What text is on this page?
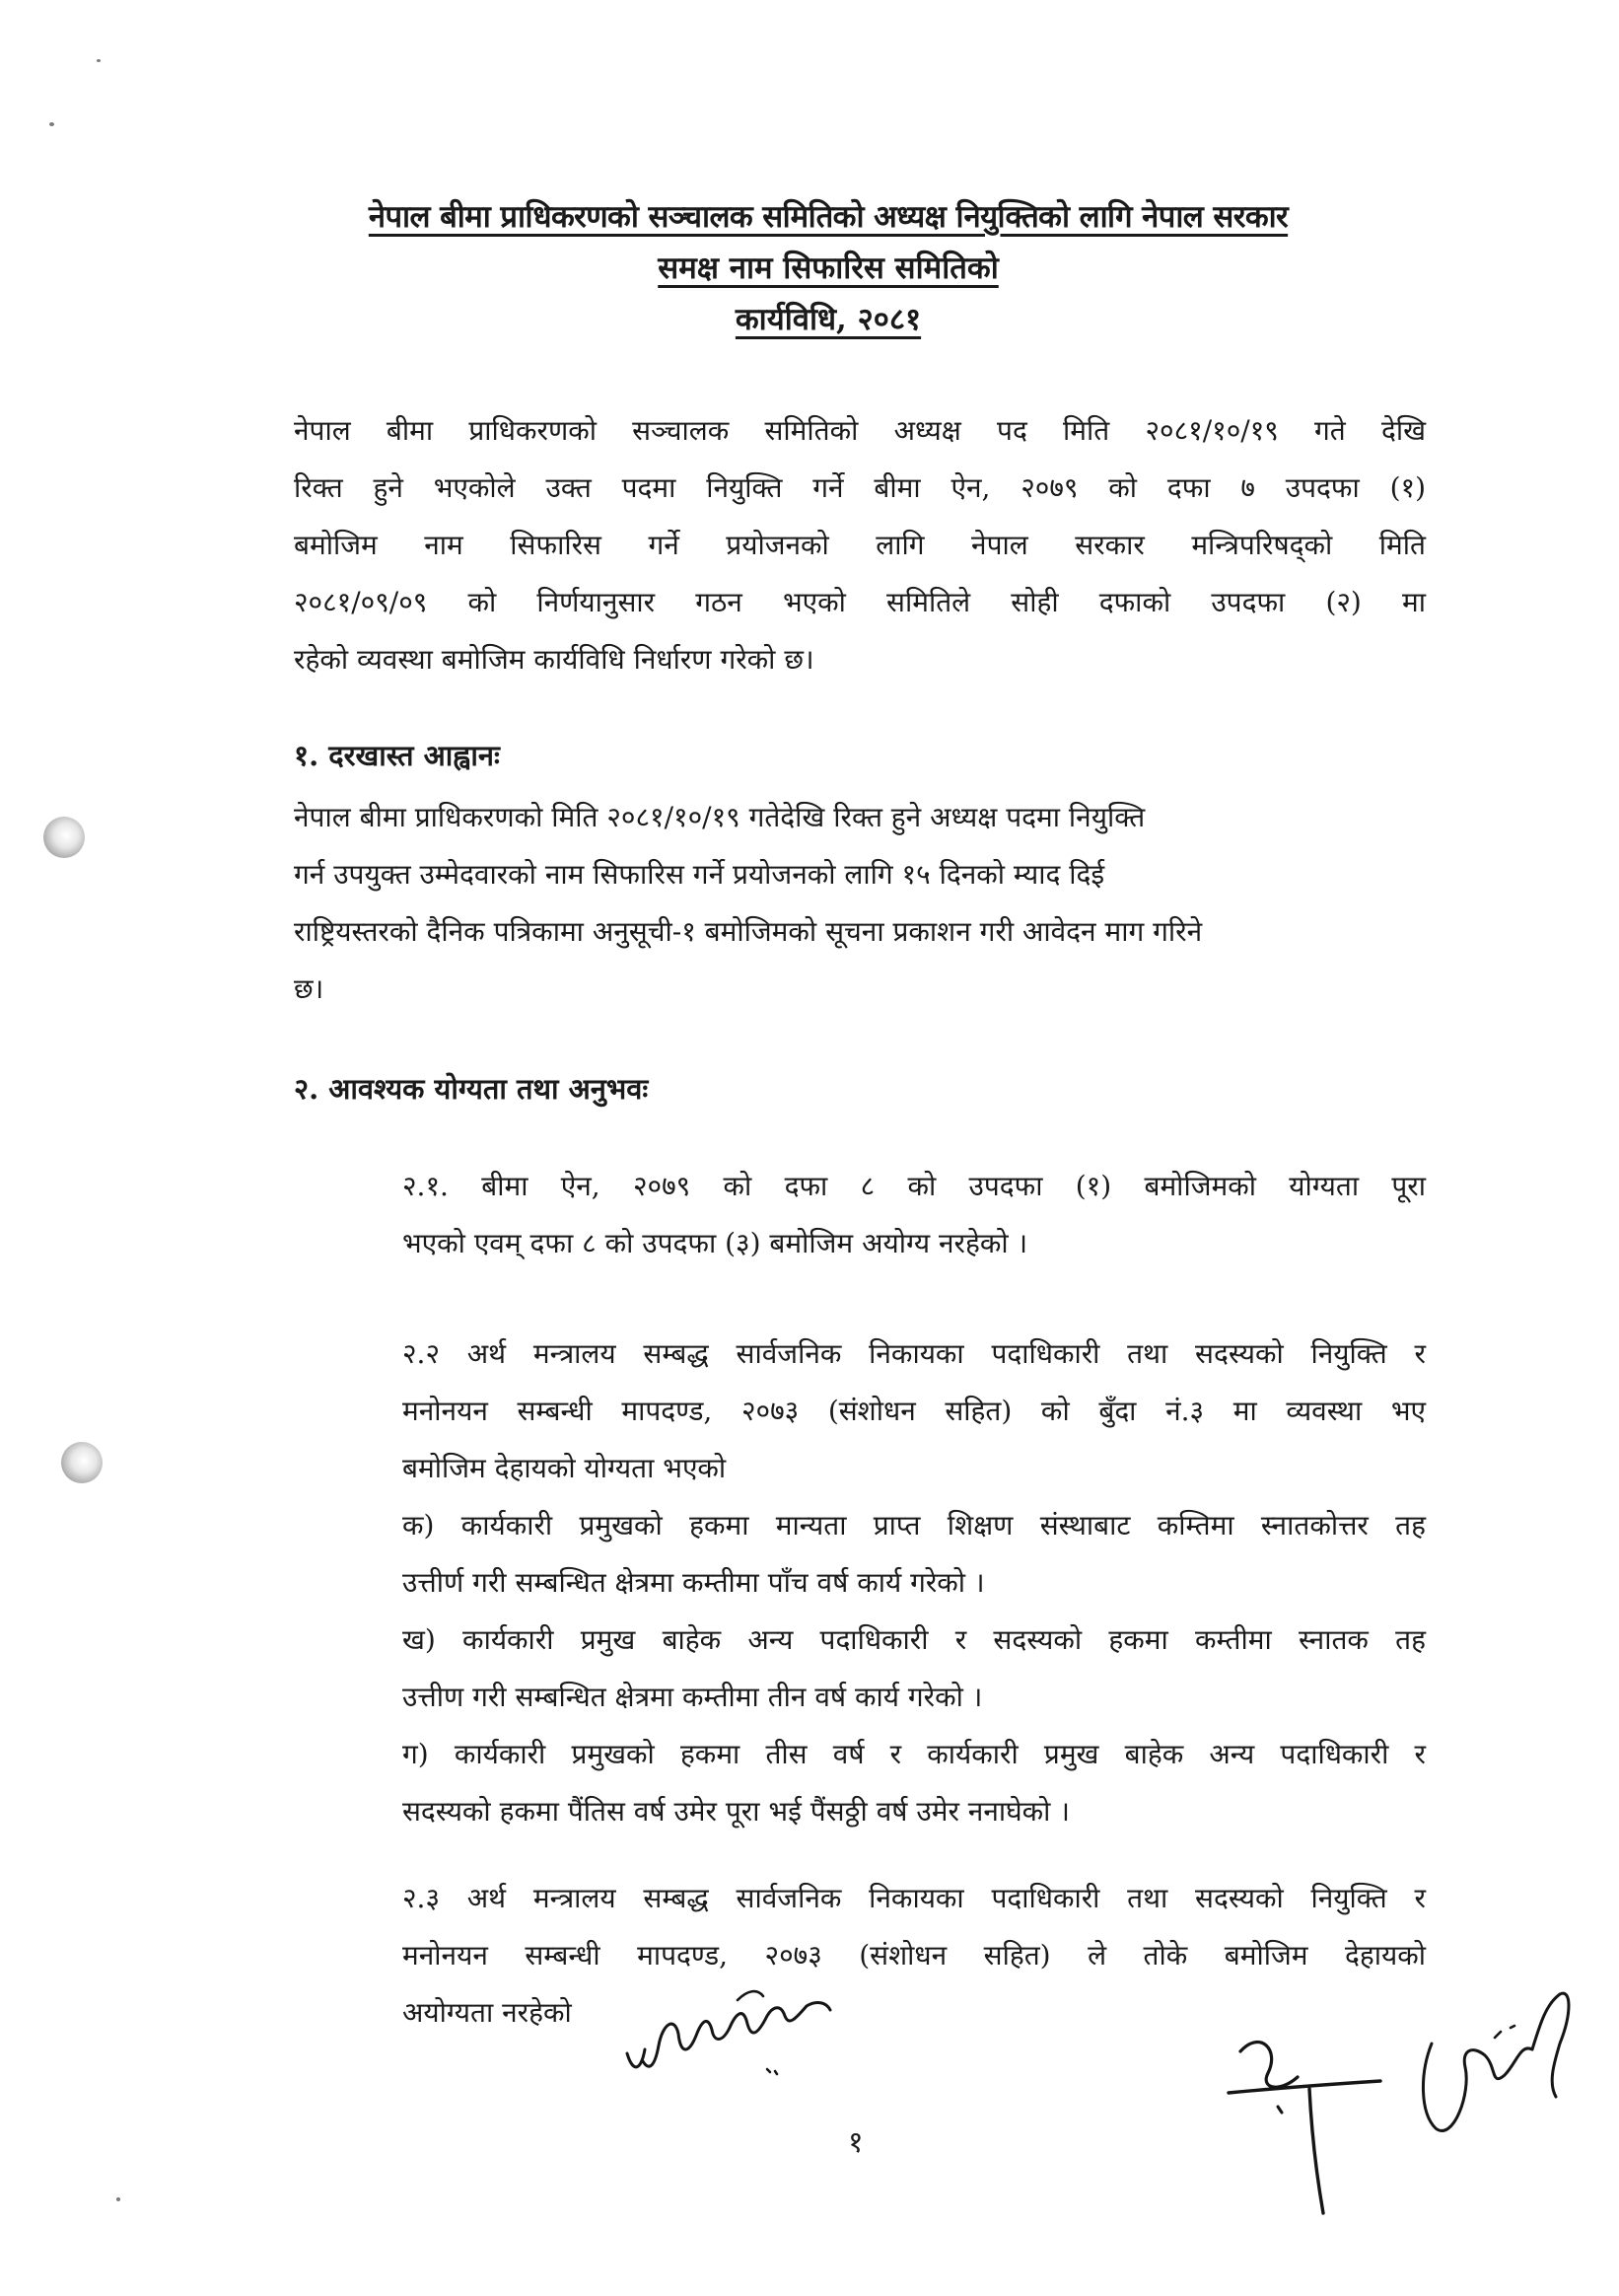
नेपाल बीमा प्राधिकरणको सञ्चालक समितिको अध्यक्ष नियुक्तिको लागि नेपाल सरकार
समक्ष नाम सिफारिस समितिको
कार्यविधि, २०८१
नेपाल बीमा प्राधिकरणको सञ्चालक समितिको अध्यक्ष पद मिति २०८१/१०/१९ गते देखि
रिक्त हुने भएकोले उक्त पदमा नियुक्ति गर्ने बीमा ऐन, २०७९ को दफा ७ उपदफा (१)
बमोजिम नाम सिफारिस गर्ने प्रयोजनको लागि नेपाल सरकार मन्त्रिपरिषद्को मिति
२०८१/०९/०९ को निर्णयानुसार गठन भएको समितिले सोही दफाको उपदफा (२) मा
रहेको व्यवस्था बमोजिम कार्यविधि निर्धारण गरेको छ।
१. दरखास्त आह्वानः
नेपाल बीमा प्राधिकरणको मिति २०८१/१०/१९ गतेदेखि रिक्त हुने अध्यक्ष पदमा नियुक्ति
गर्न उपयुक्त उम्मेदवारको नाम सिफारिस गर्ने प्रयोजनको लागि १५ दिनको म्याद दिई
राष्ट्रियस्तरको दैनिक पत्रिकामा अनुसूची-१ बमोजिमको सूचना प्रकाशन गरी आवेदन माग गरिने
छ।
२. आवश्यक योग्यता तथा अनुभवः
२.१. बीमा ऐन, २०७९ को दफा ८ को उपदफा (१) बमोजिमको योग्यता पूरा
भएको एवम् दफा ८ को उपदफा (३) बमोजिम अयोग्य नरहेको ।
२.२ अर्थ मन्त्रालय सम्बद्ध सार्वजनिक निकायका पदाधिकारी तथा सदस्यको नियुक्ति र
मनोनयन सम्बन्धी मापदण्ड, २०७३ (संशोधन सहित) को बुँदा नं.३ मा व्यवस्था भए
बमोजिम देहायको योग्यता भएको
क) कार्यकारी प्रमुखको हकमा मान्यता प्राप्त शिक्षण संस्थाबाट कम्तिमा स्नातकोत्तर तह
उत्तीर्ण गरी सम्बन्धित क्षेत्रमा कम्तीमा पाँच वर्ष कार्य गरेको ।
ख) कार्यकारी प्रमुख बाहेक अन्य पदाधिकारी र सदस्यको हकमा कम्तीमा स्नातक तह
उत्तीण गरी सम्बन्धित क्षेत्रमा कम्तीमा तीन वर्ष कार्य गरेको ।
ग) कार्यकारी प्रमुखको हकमा तीस वर्ष र कार्यकारी प्रमुख बाहेक अन्य पदाधिकारी र
सदस्यको हकमा पैंतिस वर्ष उमेर पूरा भई पैंसठ्ठी वर्ष उमेर ननाघेको ।
२.३ अर्थ मन्त्रालय सम्बद्ध सार्वजनिक निकायका पदाधिकारी तथा सदस्यको नियुक्ति र
मनोनयन सम्बन्धी मापदण्ड, २०७३ (संशोधन सहित) ले तोके बमोजिम देहायको
अयोग्यता नरहेको
१
